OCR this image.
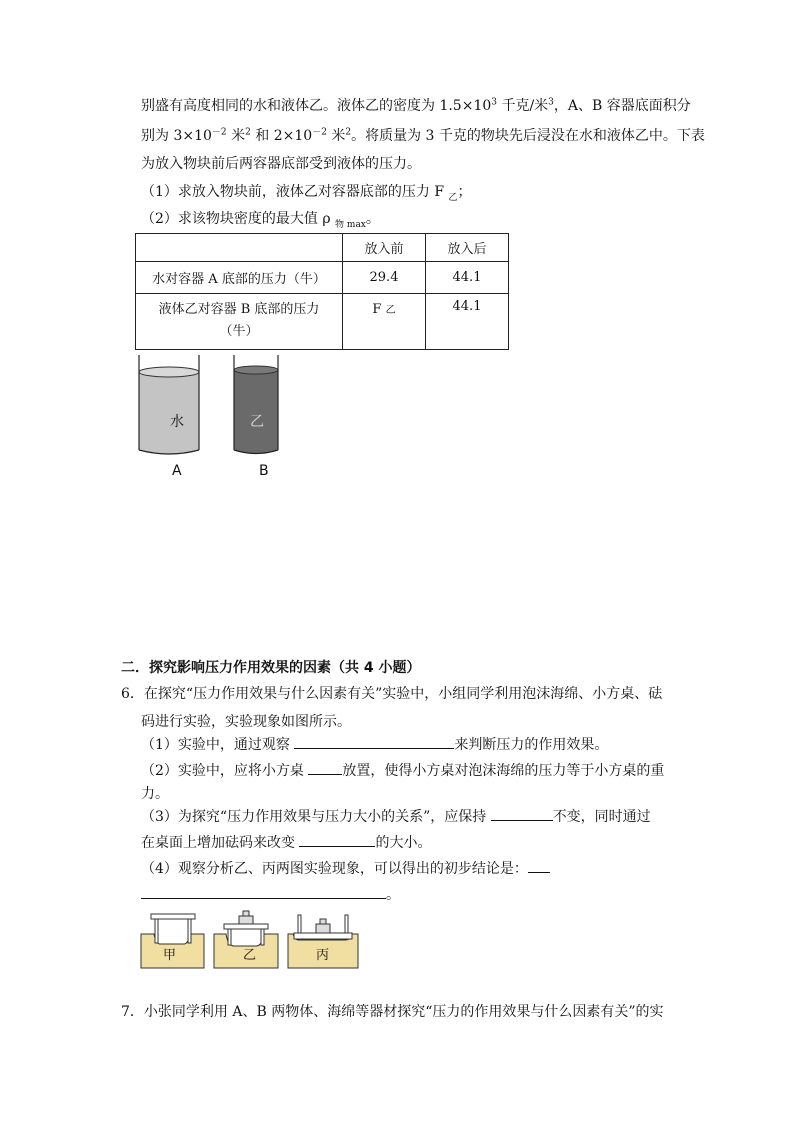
别盛有高度相同的水和液体乙。液体乙的密度为 $1.5\times 10^3$ 千克/米$^3$，A、B 容器底面积分
别为 $3\times 10^{-2}$ 米$^2$ 和 $2\times 10^{-2}$ 米$^2$。将质量为 3 千克的物块先后浸没在水和液体乙中。下表
为放入物块前后两容器底部受到液体的压力。
（1）求放入物块前，液体乙对容器底部的压力 F $_乙$；
（2）求该物块密度的最大值 ρ $_{物 max}$。
	放入前	放入后
水对容器 A 底部的压力（牛）	29.4	44.1

液体乙对容器 B 底部的压力
（牛）	F 乙	44.1
水	乙
A	B
二．探究影响压力作用效果的因素（共 4 小题）
6．在探究“压力作用效果与什么因素有关”实验中，小组同学利用泡沫海绵、小方桌、砝
码进行实验，实验现象如图所示。
（1）实验中，通过观察	来判断压力的作用效果。
（2）实验中，应将小方桌	放置，使得小方桌对泡沫海绵的压力等于小方桌的重
力。
（3）为探究“压力作用效果与压力大小的关系”，应保持	不变，同时通过
在桌面上增加砝码来改变	的大小。
（4）观察分析乙、丙两图实验现象，可以得出的初步结论是：
。
甲	乙	丙
7．小张同学利用 A、B 两物体、海绵等器材探究“压力的作用效果与什么因素有关”的实
